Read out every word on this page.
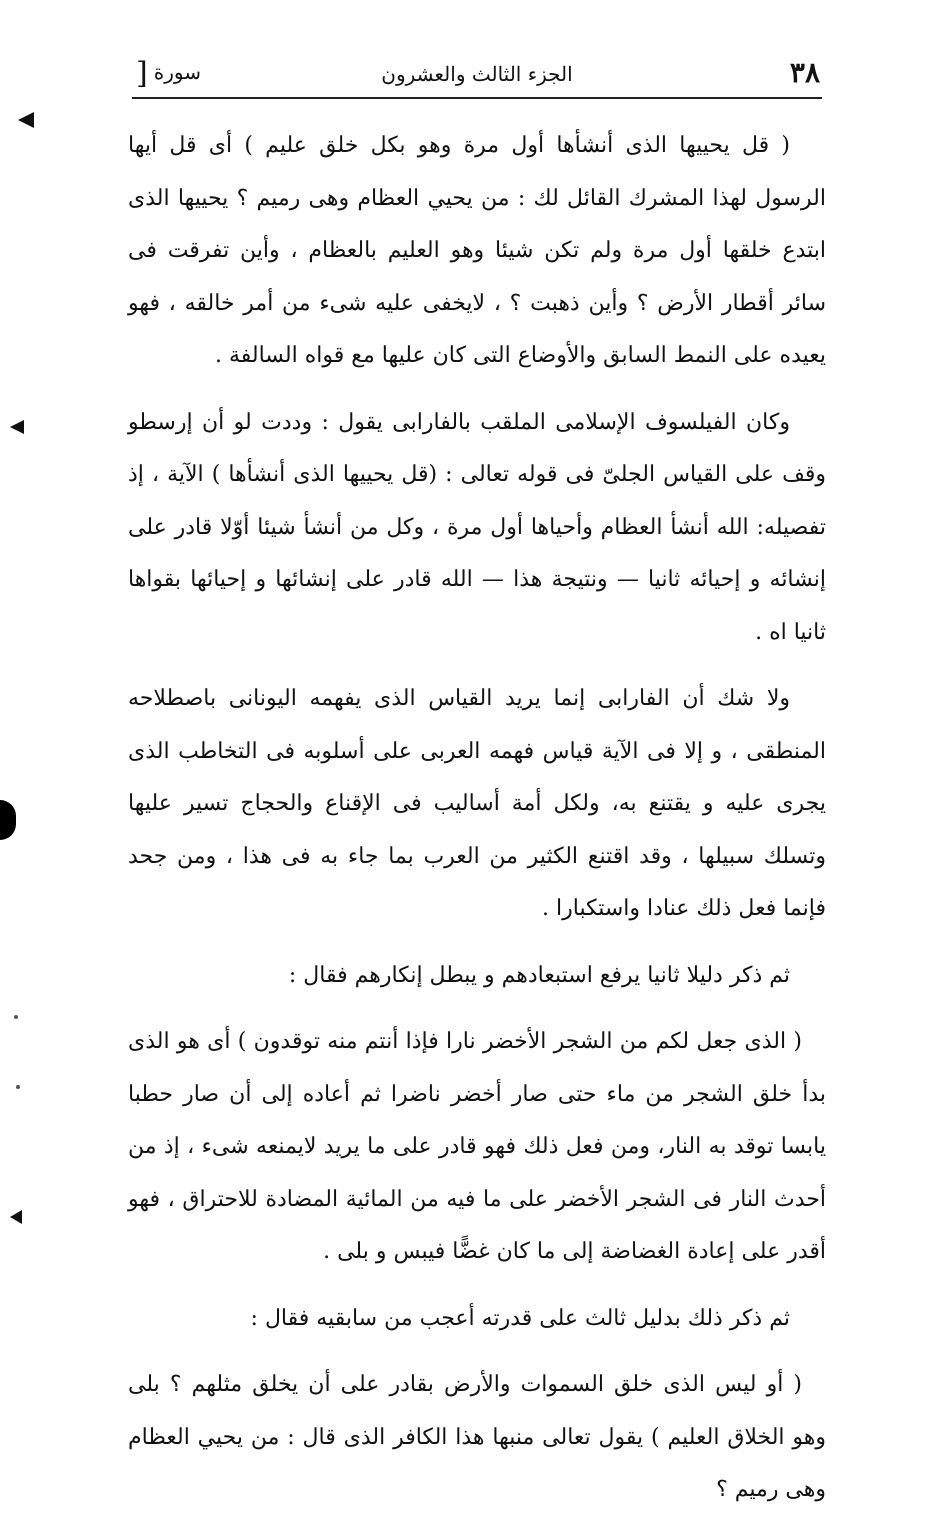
٣٨
الجزء الثالث والعشرون
سورة[

( قل يحييها الذى أنشأها أول مرة وهو بكل خلق عليم ) أى قل أيها الرسول لهذا المشرك القائل لك : من يحيي العظام وهى رميم ؟ يحييها الذى ابتدع خلقها أول مرة ولم تكن شيئا وهو العليم بالعظام ، وأين تفرقت فى سائر أقطار الأرض ؟ وأين ذهبت ؟ ، لايخفى عليه شىء من أمر خالقه ، فهو يعيده على النمط السابق والأوضاع التى كان عليها مع قواه السالفة .

وكان الفيلسوف الإسلامى الملقب بالفارابى يقول : وددت لو أن إرسطو وقف على القياس الجلىّ فى قوله تعالى : (قل يحييها الذى أنشأها ) الآية ، إذ تفصيله: الله أنشأ العظام وأحياها أول مرة ، وكل من أنشأ شيئا أوّلا قادر على إنشائه و إحيائه ثانيا — ونتيجة هذا — الله قادر على إنشائها و إحيائها بقواها ثانيا اه .

ولا شك أن الفارابى إنما يريد القياس الذى يفهمه اليونانى باصطلاحه المنطقى ، و إلا فى الآية قياس فهمه العربى على أسلوبه فى التخاطب الذى يجرى عليه و يقتنع به، ولكل أمة أساليب فى الإقناع والحجاج تسير عليها وتسلك سبيلها ، وقد اقتنع الكثير من العرب بما جاء به فى هذا ، ومن جحد فإنما فعل ذلك عنادا واستكبارا .

ثم ذكر دليلا ثانيا يرفع استبعادهم و يبطل إنكارهم فقال :

( الذى جعل لكم من الشجر الأخضر نارا فإذا أنتم منه توقدون ) أى هو الذى بدأ خلق الشجر من ماء حتى صار أخضر ناضرا ثم أعاده إلى أن صار حطبا يابسا توقد به النار، ومن فعل ذلك فهو قادر على ما يريد لايمنعه شىء ، إذ من أحدث النار فى الشجر الأخضر على ما فيه من المائية المضادة للاحتراق ، فهو أقدر على إعادة الغضاضة إلى ما كان غضًّا فيبس و بلى .

ثم ذكر ذلك بدليل ثالث على قدرته أعجب من سابقيه فقال :

( أو ليس الذى خلق السموات والأرض بقادر على أن يخلق مثلهم ؟ بلى وهو الخلاق العليم ) يقول تعالى منبها هذا الكافر الذى قال : من يحيي العظام وهى رميم ؟
